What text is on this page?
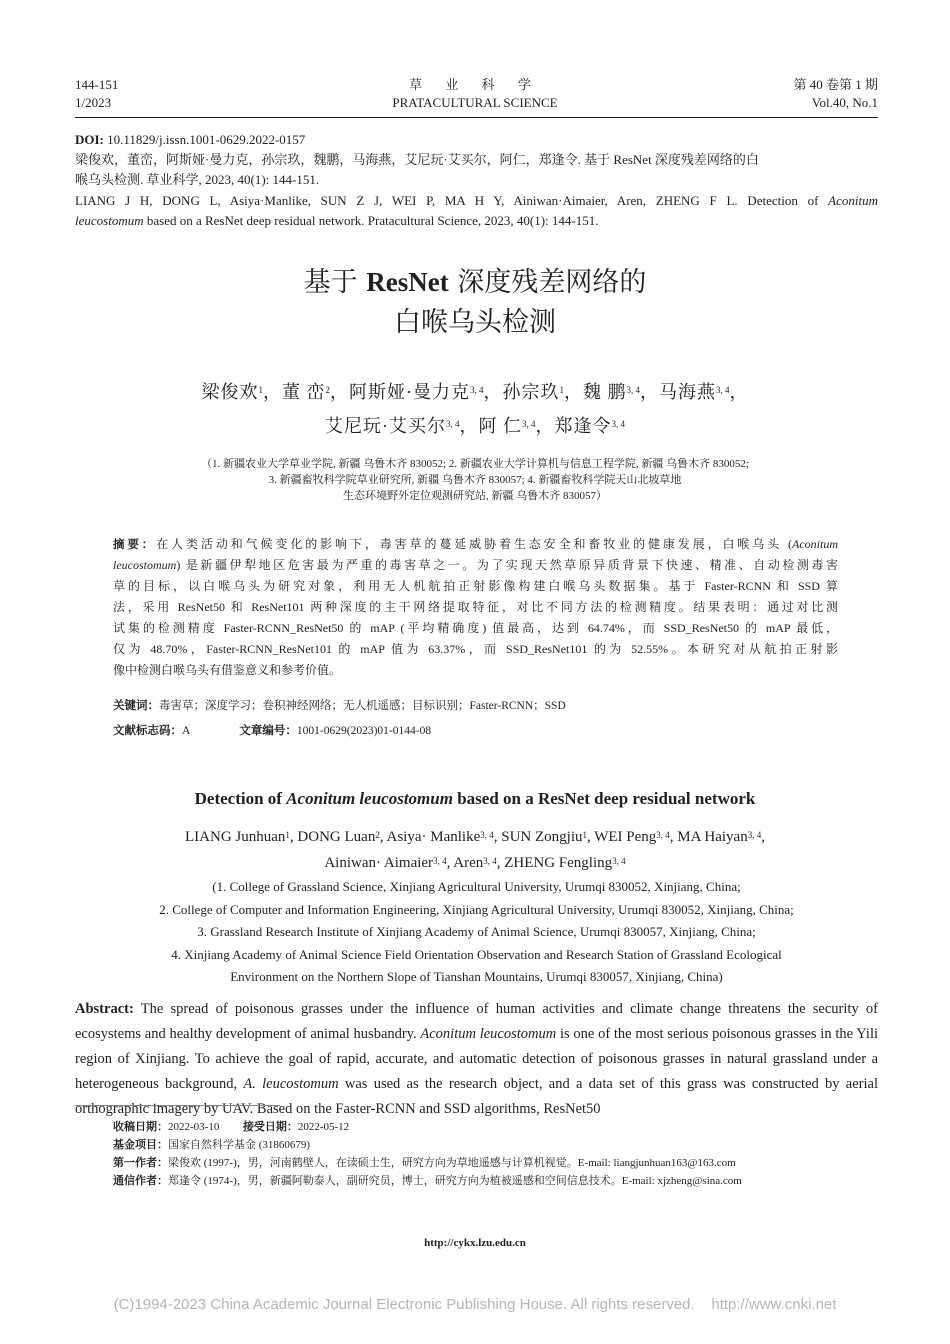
144-151
1/2023
草 业 科 学
PRATACULTURAL SCIENCE
第 40 卷第 1 期
Vol.40, No.1
DOI: 10.11829/j.issn.1001-0629.2022-0157
梁俊欢，董峦，阿斯娅·曼力克，孙宗玖，魏鹏，马海燕，艾尼玩·艾买尔，阿仁，郑逢令. 基于 ResNet 深度残差网络的白
喉乌头检测. 草业科学, 2023, 40(1): 144-151.
LIANG J H, DONG L, Asiya·Manlike, SUN Z J, WEI P, MA H Y, Ainiwan·Aimaier, Aren, ZHENG F L. Detection of Aconitum
leucostomum based on a ResNet deep residual network. Pratacultural Science, 2023, 40(1): 144-151.
基于 ResNet 深度残差网络的
白喉乌头检测
梁俊欢$^1$，董 峦$^2$，阿斯娅·曼力克$^{3, 4}$，孙宗玖$^1$，魏 鹏$^{3, 4}$，马海燕$^{3, 4}$，
艾尼玩·艾买尔$^{3, 4}$，阿 仁$^{3, 4}$，郑逢令$^{3, 4}$
（1. 新疆农业大学草业学院, 新疆 乌鲁木齐 830052; 2. 新疆农业大学计算机与信息工程学院, 新疆 乌鲁木齐 830052;
3. 新疆畜牧科学院草业研究所, 新疆 乌鲁木齐 830057; 4. 新疆畜牧科学院天山北坡草地
生态环境野外定位观测研究站, 新疆 乌鲁木齐 830057）
摘要：在人类活动和气候变化的影响下，毒害草的蔓延威胁着生态安全和畜牧业的健康发展，白喉乌头 (Aconitum
leucostomum) 是新疆伊犁地区危害最为严重的毒害草之一。为了实现天然草原异质背景下快速、精准、自动检测毒害
草的目标，以白喉乌头为研究对象，利用无人机航拍正射影像构建白喉乌头数据集。基于 Faster-RCNN 和 SSD 算
法，采用 ResNet50 和 ResNet101 两种深度的主干网络提取特征，对比不同方法的检测精度。结果表明：通过对比测
试集的检测精度 Faster-RCNN_ResNet50 的 mAP (平均精确度) 值最高，达到 64.74%，而 SSD_ResNet50 的 mAP 最低，
仅为 48.70%，Faster-RCNN_ResNet101 的 mAP 值为 63.37%，而 SSD_ResNet101 的为 52.55%。本研究对从航拍正射影
像中检测白喉乌头有借鉴意义和参考价值。
关键词：毒害草；深度学习；卷积神经网络；无人机遥感；目标识别；Faster-RCNN；SSD
文献标志码：A	文章编号：1001-0629(2023)01-0144-08
Detection of Aconitum leucostomum based on a ResNet deep residual network
LIANG Junhuan$^1$, DONG Luan$^2$, Asiya· Manlike$^{3, 4}$, SUN Zongjiu$^1$, WEI Peng$^{3, 4}$, MA Haiyan$^{3, 4}$,
Ainiwan· Aimaier$^{3, 4}$, Aren$^{3, 4}$, ZHENG Fengling$^{3, 4}$
(1. College of Grassland Science, Xinjiang Agricultural University, Urumqi 830052, Xinjiang, China;
2. College of Computer and Information Engineering, Xinjiang Agricultural University, Urumqi 830052, Xinjiang, China;
3. Grassland Research Institute of Xinjiang Academy of Animal Science, Urumqi 830057, Xinjiang, China;
4. Xinjiang Academy of Animal Science Field Orientation Observation and Research Station of Grassland Ecological
Environment on the Northern Slope of Tianshan Mountains, Urumqi 830057, Xinjiang, China)
Abstract: The spread of poisonous grasses under the influence of human activities and climate change threatens the security of ecosystems and healthy development of animal husbandry. Aconitum leucostomum is one of the most serious poisonous grasses in the Yili region of Xinjiang. To achieve the goal of rapid, accurate, and automatic detection of poisonous grasses in natural grassland under a heterogeneous background, A. leucostomum was used as the research object, and a data set of this grass was constructed by aerial orthographic imagery by UAV. Based on the Faster-RCNN and SSD algorithms, ResNet50
收稿日期：2022-03-10 接受日期：2022-05-12
基金项目：国家自然科学基金 (31860679)
第一作者：梁俊欢 (1997-)，男，河南鹤壁人，在读硕士生，研究方向为草地遥感与计算机视觉。E-mail: liangjunhuan163@163.com
通信作者：郑逢令 (1974-)，男，新疆阿勒泰人，副研究员，博士，研究方向为植被遥感和空间信息技术。E-mail: xjzheng@sina.com
http://cykx.lzu.edu.cn
(C)1994-2023 China Academic Journal Electronic Publishing House. All rights reserved.    http://www.cnki.net
